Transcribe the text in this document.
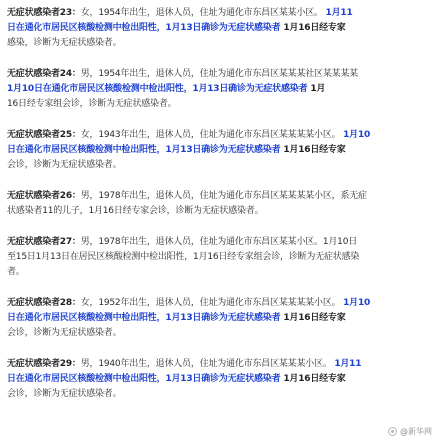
无症状感染者23：女，1954年出生，退休人员，住址为通化市东昌区某某小区。 1月11
日在通化市居民区核酸检测中检出阳性，1月13日确诊为无症状感染者 1月16日经专家
感染，诊断为无症状感染者。
无症状感染者24：男，1954年出生，退休人员，住址为通化市东昌区某某某社区某某某某
1月10日在通化市居民区核酸检测中检出阳性，1月13日确诊为无症状感染者 1月
16日经专家组会诊，诊断为无症状感染者。
无症状感染者25：女，1943年出生，退休人员，住址为通化市东昌区某某某某小区。 1月10
日在通化市居民区核酸检测中检出阳性，1月13日确诊为无症状感染者 1月16日经专家
会诊，诊断为无症状感染者。
无症状感染者26：男，1978年出生，退休人员，住址为通化市东昌区某某某某小区，系无症
状感染者11的儿子，1月16日经专家会诊，诊断为无症状感染者。
无症状感染者27：男，1978年出生，退休人员，住址为通化市东昌区某某小区。1月10日
至15日1月13日在居民区核酸检测中检出阳性，1月16日经专家组会诊，诊断为无症状感染
者。
无症状感染者28：女，1952年出生，退休人员，住址为通化市东昌区某某某某小区。 1月10
日在通化市居民区核酸检测中检出阳性，1月13日确诊为无症状感染者 1月16日经专家
会诊，诊断为无症状感染者。
无症状感染者29：男，1940年出生，退休人员，住址为通化市东昌区某某某小区。 1月11
日在通化市居民区核酸检测中检出阳性，1月13日确诊为无症状感染者 1月16日经专家
会诊，诊断为无症状感染者。
@新华网
